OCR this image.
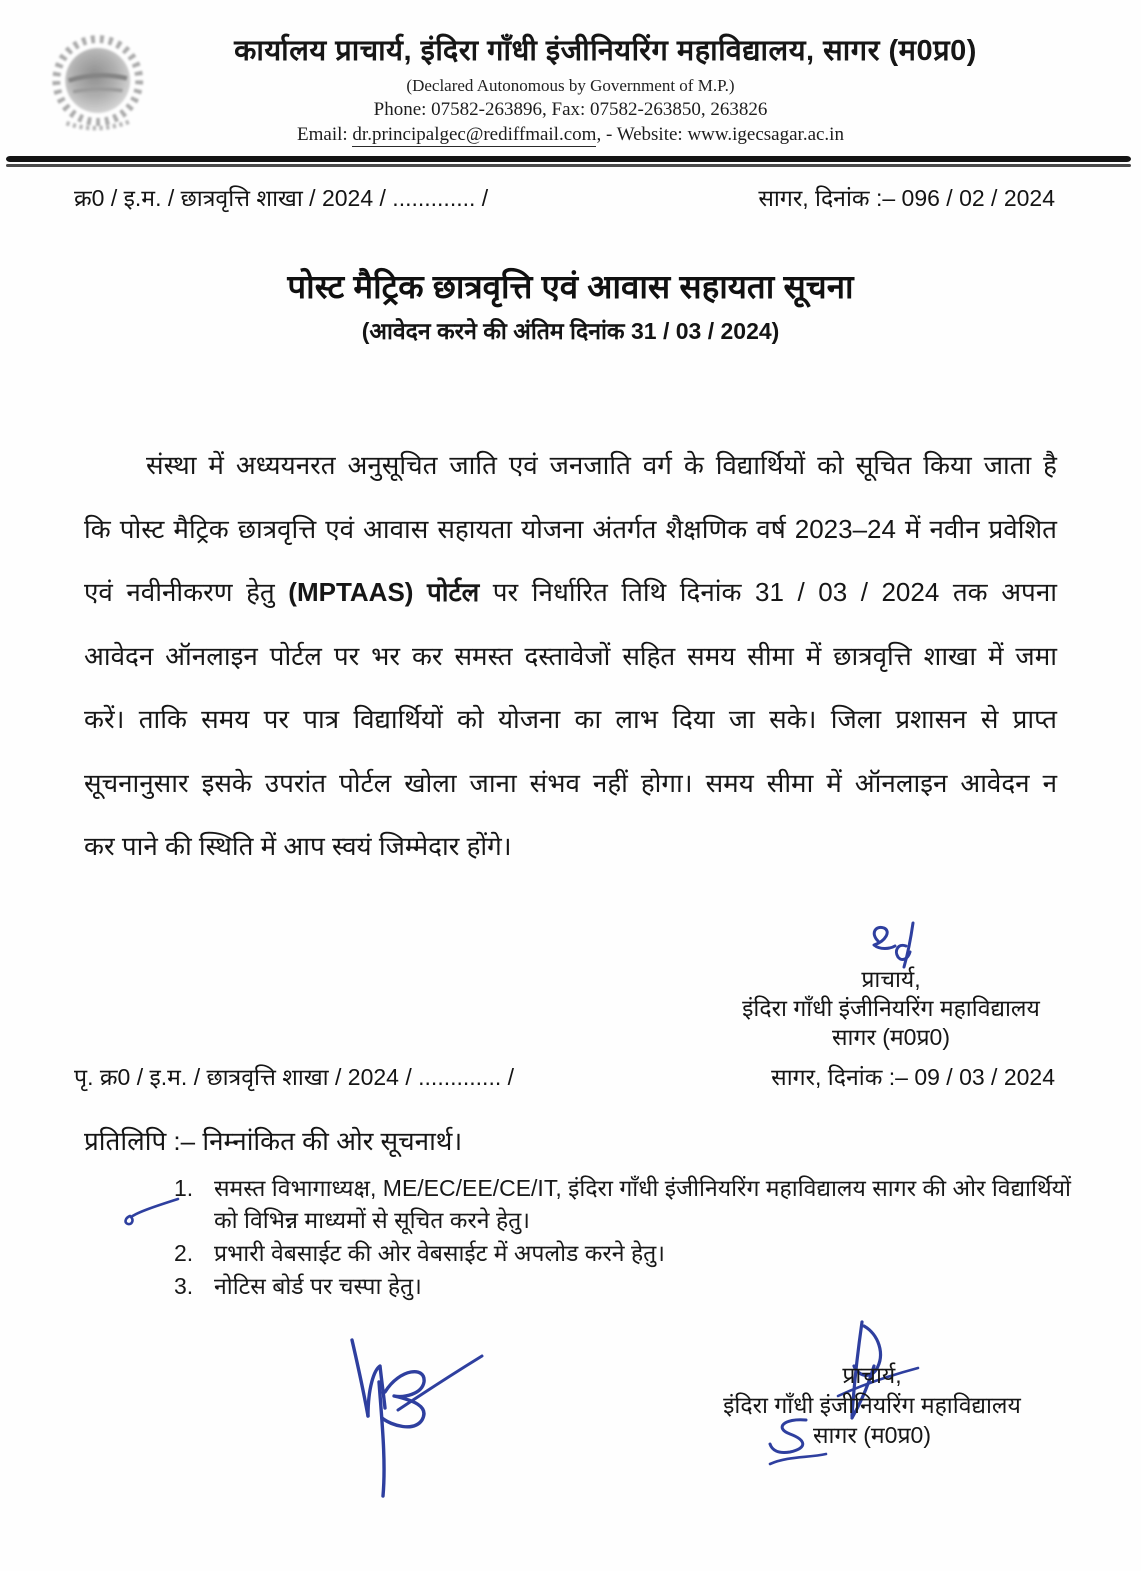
कार्यालय प्राचार्य, इंदिरा गाँधी इंजीनियरिंग महाविद्यालय, सागर (म0प्र0)
(Declared Autonomous by Government of M.P.)
Phone: 07582-263896, Fax: 07582-263850, 263826
Email: dr.principalgec@rediffmail.com, - Website: www.igecsagar.ac.in
क्र0 / इ.म. / छात्रवृत्ति शाखा / 2024 / ............. /	सागर, दिनांक :– 096 / 02 / 2024
पोस्ट मैट्रिक छात्रवृत्ति एवं आवास सहायता सूचना
(आवेदन करने की अंतिम दिनांक 31 / 03 / 2024)
संस्था में अध्ययनरत अनुसूचित जाति एवं जनजाति वर्ग के विद्यार्थियों को सूचित किया जाता है
कि पोस्ट मैट्रिक छात्रवृत्ति एवं आवास सहायता योजना अंतर्गत शैक्षणिक वर्ष 2023–24 में नवीन प्रवेशित
एवं नवीनीकरण हेतु (MPTAAS) पोर्टल पर निर्धारित तिथि दिनांक 31 / 03 / 2024 तक अपना
आवेदन ऑनलाइन पोर्टल पर भर कर समस्त दस्तावेजों सहित समय सीमा में छात्रवृत्ति शाखा में जमा
करें। ताकि समय पर पात्र विद्यार्थियों को योजना का लाभ दिया जा सके। जिला प्रशासन से प्राप्त
सूचनानुसार इसके उपरांत पोर्टल खोला जाना संभव नहीं होगा। समय सीमा में ऑनलाइन आवेदन न
कर पाने की स्थिति में आप स्वयं जिम्मेदार होंगे।
प्राचार्य,
इंदिरा गाँधी इंजीनियरिंग महाविद्यालय
सागर (म0प्र0)
पृ. क्र0 / इ.म. / छात्रवृत्ति शाखा / 2024 / ............. /	सागर, दिनांक :– 09 / 03 / 2024
प्रतिलिपि :– निम्नांकित की ओर सूचनार्थ।
1. समस्त विभागाध्यक्ष, ME/EC/EE/CE/IT, इंदिरा गाँधी इंजीनियरिंग महाविद्यालय सागर की ओर विद्यार्थियों को विभिन्न माध्यमों से सूचित करने हेतु।
2. प्रभारी वेबसाईट की ओर वेबसाईट में अपलोड करने हेतु।
3. नोटिस बोर्ड पर चस्पा हेतु।
प्राचार्य,
इंदिरा गाँधी इंजीनियरिंग महाविद्यालय
सागर (म0प्र0)
